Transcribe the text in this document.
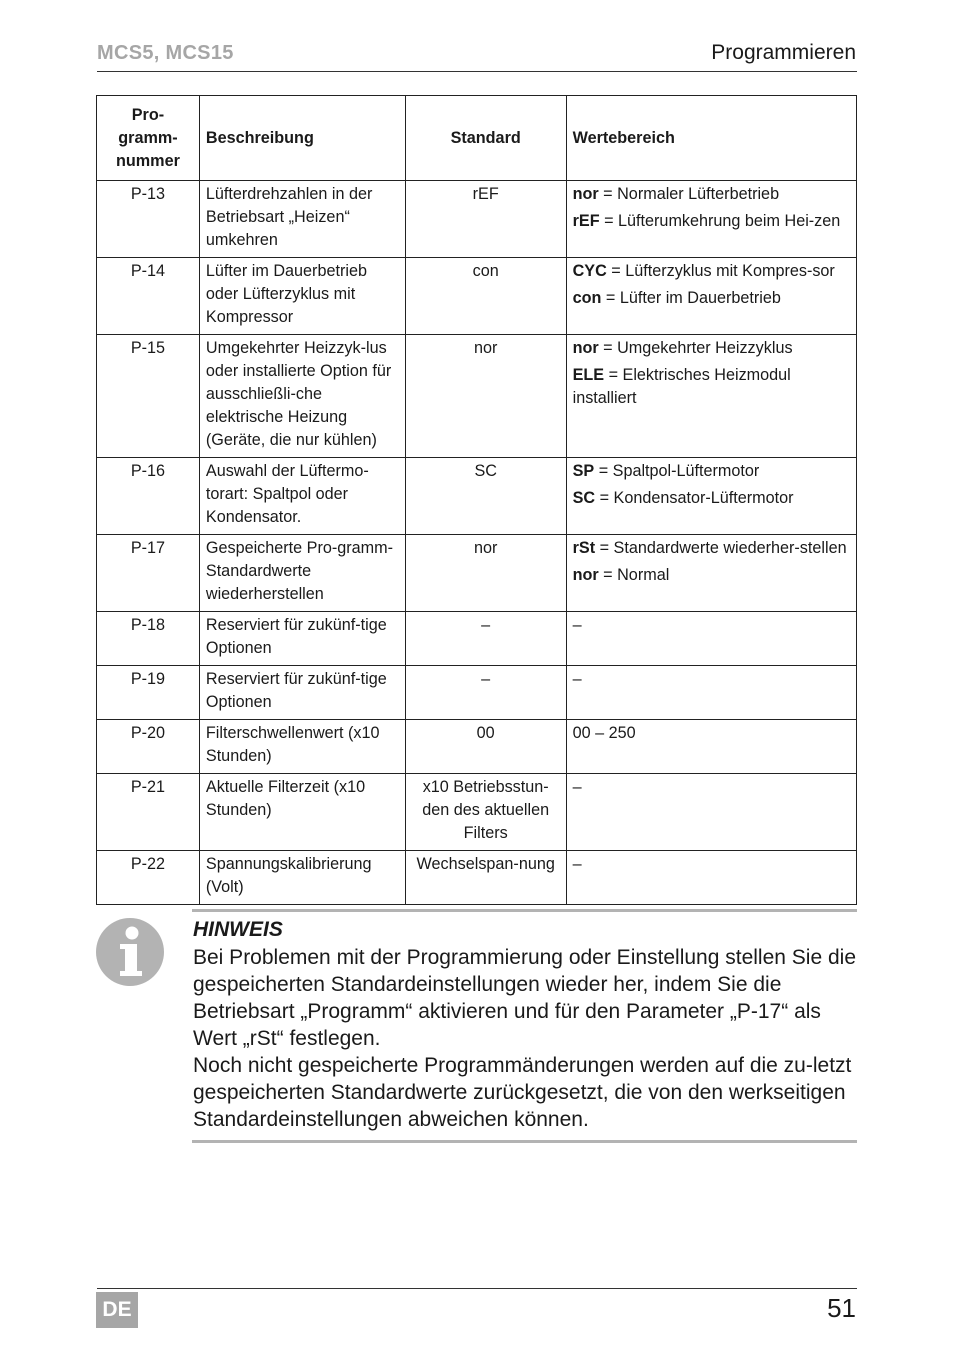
MCS5, MCS15	Programmieren
Pro-
gramm-
nummer	Beschreibung	Standard	Wertebereich
P-13	Lüfterdrehzahlen in der Betriebsart „Heizen“ umkehren	rEF	nor = Normaler Lüfterbetrieb
rEF = Lüfterumkehrung beim Hei-zen

P-14	Lüfter im Dauerbetrieb oder Lüfterzyklus mit Kompressor	con	CYC = Lüfterzyklus mit Kompres-sor
con = Lüfter im Dauerbetrieb

P-15	Umgekehrter Heizzyk-lus oder installierte Option für ausschließli-che elektrische Heizung (Geräte, die nur kühlen)	nor	nor = Umgekehrter Heizzyklus
ELE = Elektrisches Heizmodul installiert

P-16	Auswahl der Lüftermo-torart: Spaltpol oder Kondensator.	SC	SP = Spaltpol-Lüftermotor
SC = Kondensator-Lüftermotor

P-17	Gespeicherte Pro-gramm-Standardwerte wiederherstellen	nor	rSt = Standardwerte wiederher-stellen
nor = Normal

P-18	Reserviert für zukünf-tige Optionen	–	–

P-19	Reserviert für zukünf-tige Optionen	–	–

P-20	Filterschwellenwert (x10 Stunden)	00	00 – 250

P-21	Aktuelle Filterzeit (x10 Stunden)	x10 Betriebsstun-den des aktuellen Filters	–

P-22	Spannungskalibrierung (Volt)	Wechselspan-nung	–
HINWEIS

Bei Problemen mit der Programmierung oder Einstellung stellen Sie die gespeicherten Standardeinstellungen wieder her, indem Sie die Betriebsart „Programm“ aktivieren und für den Parameter „P-17“ als Wert „rSt“ festlegen.

Noch nicht gespeicherte Programmänderungen werden auf die zu-letzt gespeicherten Standardwerte zurückgesetzt, die von den werkseitigen Standardeinstellungen abweichen können.

DE	51
